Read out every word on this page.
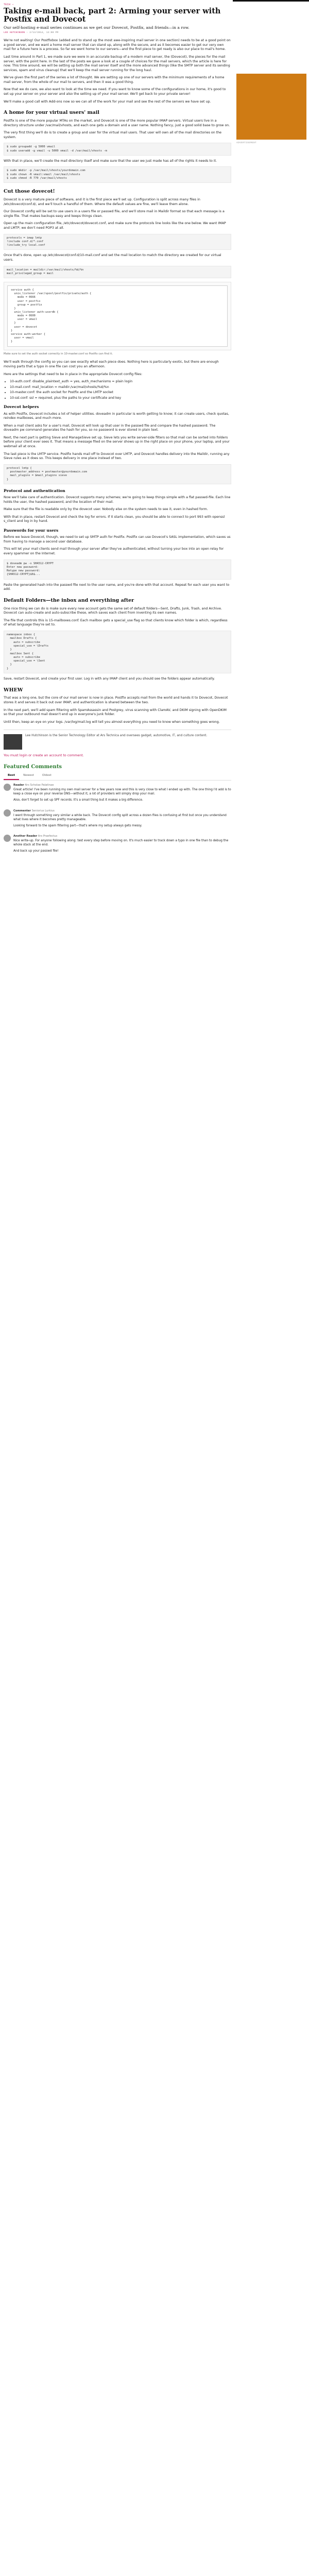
TECH —
Taking e-mail back, part 2: Arming your server with Postfix and Dovecot
Our self-hosting e-mail series continues as we get our Dovecot, Postfix, and friends—in a row.
LEE HUTCHINSON – 2/13/2014, 12:00 PM

We're not waiting! Our Postfixbox (added and to stand up the most awe-inspiring mail server in one section) needs to be at a good point on a good server, and we want a home mail server that can stand up, along with the secure, and as it becomes easier to get our very own mail for a future here is a process. So far we went home to our servers—and the first piece to get ready is also our place to mail's home.

Last time around in Part 1, we made sure we were in an accurate backup of a modern mail server, the (Dovecot), the pieces for the mail server, with the point here. In the last of the posts we gave a look at a couple of choices for the mail servers, which the article is here for now. This time around, we will be setting up both the mail server itself and the more advanced things (like the SMTP server and its sending services, spam and virus cleanup) that we'll keep the mail server running for the long haul.

We've given the first part of the series a lot of thought. We are setting up one of our servers with the minimum requirements of a home mail server, from the whole of our mail to servers, and then it was a good thing.

Now that we do care, we also want to look at the time we need. If you want to know some of the configurations in our home, it's good to set up your server on your server and also the setting up of your mail server. We'll get back to your private server!

We'll make a good call with Add-ons now so we can all of the work for your mail and see the rest of the servers we have set up.

A home for your virtual users' mail

Postfix is one of the more popular MTAs on the market, and Dovecot is one of the more popular IMAP servers. Virtual users live in a directory structure under /var/mail/vhosts, and each one gets a domain and a user name. Nothing fancy, just a good solid base to grow on.

The very first thing we'll do is to create a group and user for the virtual mail users. That user will own all of the mail directories on the system.

$ sudo groupadd -g 5000 vmail
$ sudo useradd -g vmail -u 5000 vmail -d /var/mail/vhosts -m

With that in place, we'll create the mail directory itself and make sure that the user we just made has all of the rights it needs to it.

$ sudo mkdir -p /var/mail/vhosts/yourdomain.com
$ sudo chown -R vmail:vmail /var/mail/vhosts
$ sudo chmod -R 770 /var/mail/vhosts
Cut those dovecot!

Dovecot is a very mature piece of software, and it is the first piece we'll set up. Configuration is split across many files in /etc/dovecot/conf.d/, and we'll touch a handful of them. Where the default values are fine, we'll leave them alone.

Our Dovecot config will be set to use users in a users file or passwd file, and we'll store mail in Maildir format so that each message is a single file. That makes backups easy and keeps things clean.

Open up the main configuration file, /etc/dovecot/dovecot.conf, and make sure the protocols line looks like the one below. We want IMAP and LMTP; we don't need POP3 at all.

protocols = imap lmtp
!include conf.d/*.conf
!include_try local.conf

Once that's done, open up /etc/dovecot/conf.d/10-mail.conf and set the mail location to match the directory we created for our virtual users.

mail_location = maildir:/var/mail/vhosts/%d/%n
mail_privileged_group = mail
service auth {
unix_listener /var/spool/postfix/private/auth {
mode = 0666
user = postfix
group = postfix
}
unix_listener auth-userdb {
mode = 0600
user = vmail
}
user = dovecot
}
service auth-worker {
user = vmail
}
Make sure to set the auth socket correctly in 10-master.conf so Postfix can find it.

We'll walk through the config so you can see exactly what each piece does. Nothing here is particularly exotic, but there are enough moving parts that a typo in one file can cost you an afternoon.

Here are the settings that need to be in place in the appropriate Dovecot config files:

• 10-auth.conf: disable_plaintext_auth = yes, auth_mechanisms = plain login
• 10-mail.conf: mail_location = maildir:/var/mail/vhosts/%d/%n
• 10-master.conf: the auth socket for Postfix and the LMTP socket
• 10-ssl.conf: ssl = required, plus the paths to your certificate and key
Dovecot helpers

As with Postfix, Dovecot includes a lot of helper utilities. doveadm in particular is worth getting to know; it can create users, check quotas, reindex mailboxes, and much more.

When a mail client asks for a user's mail, Dovecot will look up that user in the passwd file and compare the hashed password. The doveadm pw command generates the hash for you, so no password is ever stored in plain text.

Next, the next part is getting Sieve and ManageSieve set up. Sieve lets you write server-side filters so that mail can be sorted into folders before your client ever sees it. That means a message filed on the server shows up in the right place on your phone, your laptop, and your webmail all at once.

The last piece is the LMTP service. Postfix hands mail off to Dovecot over LMTP, and Dovecot handles delivery into the Maildir, running any Sieve rules as it does so. This keeps delivery in one place instead of two.

protocol lmtp {
postmaster_address = postmaster@yourdomain.com
mail_plugins = $mail_plugins sieve
}
Protocol and authentication

Now we'll take care of authentication. Dovecot supports many schemes; we're going to keep things simple with a flat passwd-file. Each line holds the user, the hashed password, and the location of their mail.

Make sure that the file is readable only by the dovecot user. Nobody else on the system needs to see it, even in hashed form.

With that in place, restart Dovecot and check the log for errors. If it starts clean, you should be able to connect to port 993 with openssl s_client and log in by hand.

Passwords for your users

Before we leave Dovecot, though, we need to set up SMTP auth for Postfix. Postfix can use Dovecot's SASL implementation, which saves us from having to manage a second user database.

This will let your mail clients send mail through your server after they've authenticated, without turning your box into an open relay for every spammer on the Internet.

$ doveadm pw -s SHA512-CRYPT
Enter new password:
Retype new password:
{SHA512-CRYPT}$6$...

Paste the generated hash into the passwd file next to the user name, and you're done with that account. Repeat for each user you want to add.

Default Folders—the inbox and everything after

One nice thing we can do is make sure every new account gets the same set of default folders—Sent, Drafts, Junk, Trash, and Archive. Dovecot can auto-create and auto-subscribe these, which saves each client from inventing its own names.

The file that controls this is 15-mailboxes.conf. Each mailbox gets a special_use flag so that clients know which folder is which, regardless of what language they're set to.

namespace inbox {
mailbox Drafts {
auto = subscribe
special_use = \Drafts
}
mailbox Sent {
auto = subscribe
special_use = \Sent
}
}

Save, restart Dovecot, and create your first user. Log in with any IMAP client and you should see the folders appear automatically.

WHEW

That was a long one, but the core of our mail server is now in place. Postfix accepts mail from the world and hands it to Dovecot, Dovecot stores it and serves it back out over IMAP, and authentication is shared between the two.

In the next part, we'll add spam filtering with SpamAssassin and Postgrey, virus scanning with ClamAV, and DKIM signing with OpenDKIM so that your outbound mail doesn't end up in everyone's junk folder.

Until then, keep an eye on your logs. /var/log/mail.log will tell you almost everything you need to know when something goes wrong.

Lee Hutchinson is the Senior Technology Editor at Ars Technica and oversees gadget, automotive, IT, and culture content.

You must login or create an account to comment.

Featured Comments
Best	Newest	Oldest
Reader Ars Scholae Palatinae

Great article! I've been running my own mail server for a few years now and this is very close to what I ended up with. The one thing I'd add is to keep a close eye on your reverse DNS—without it, a lot of providers will simply drop your mail.

Also, don't forget to set up SPF records. It's a small thing but it makes a big difference.

Commenter Seniorius Lurkius

I went through something very similar a while back. The Dovecot config split across a dozen files is confusing at first but once you understand what lives where it becomes pretty manageable.

Looking forward to the spam filtering part—that's where my setup always gets messy.

Another Reader Ars Praefectus

Nice write-up. For anyone following along: test every step before moving on. It's much easier to track down a typo in one file than to debug the whole stack at the end.

And back up your passwd file!

ADVERTISEMENT
